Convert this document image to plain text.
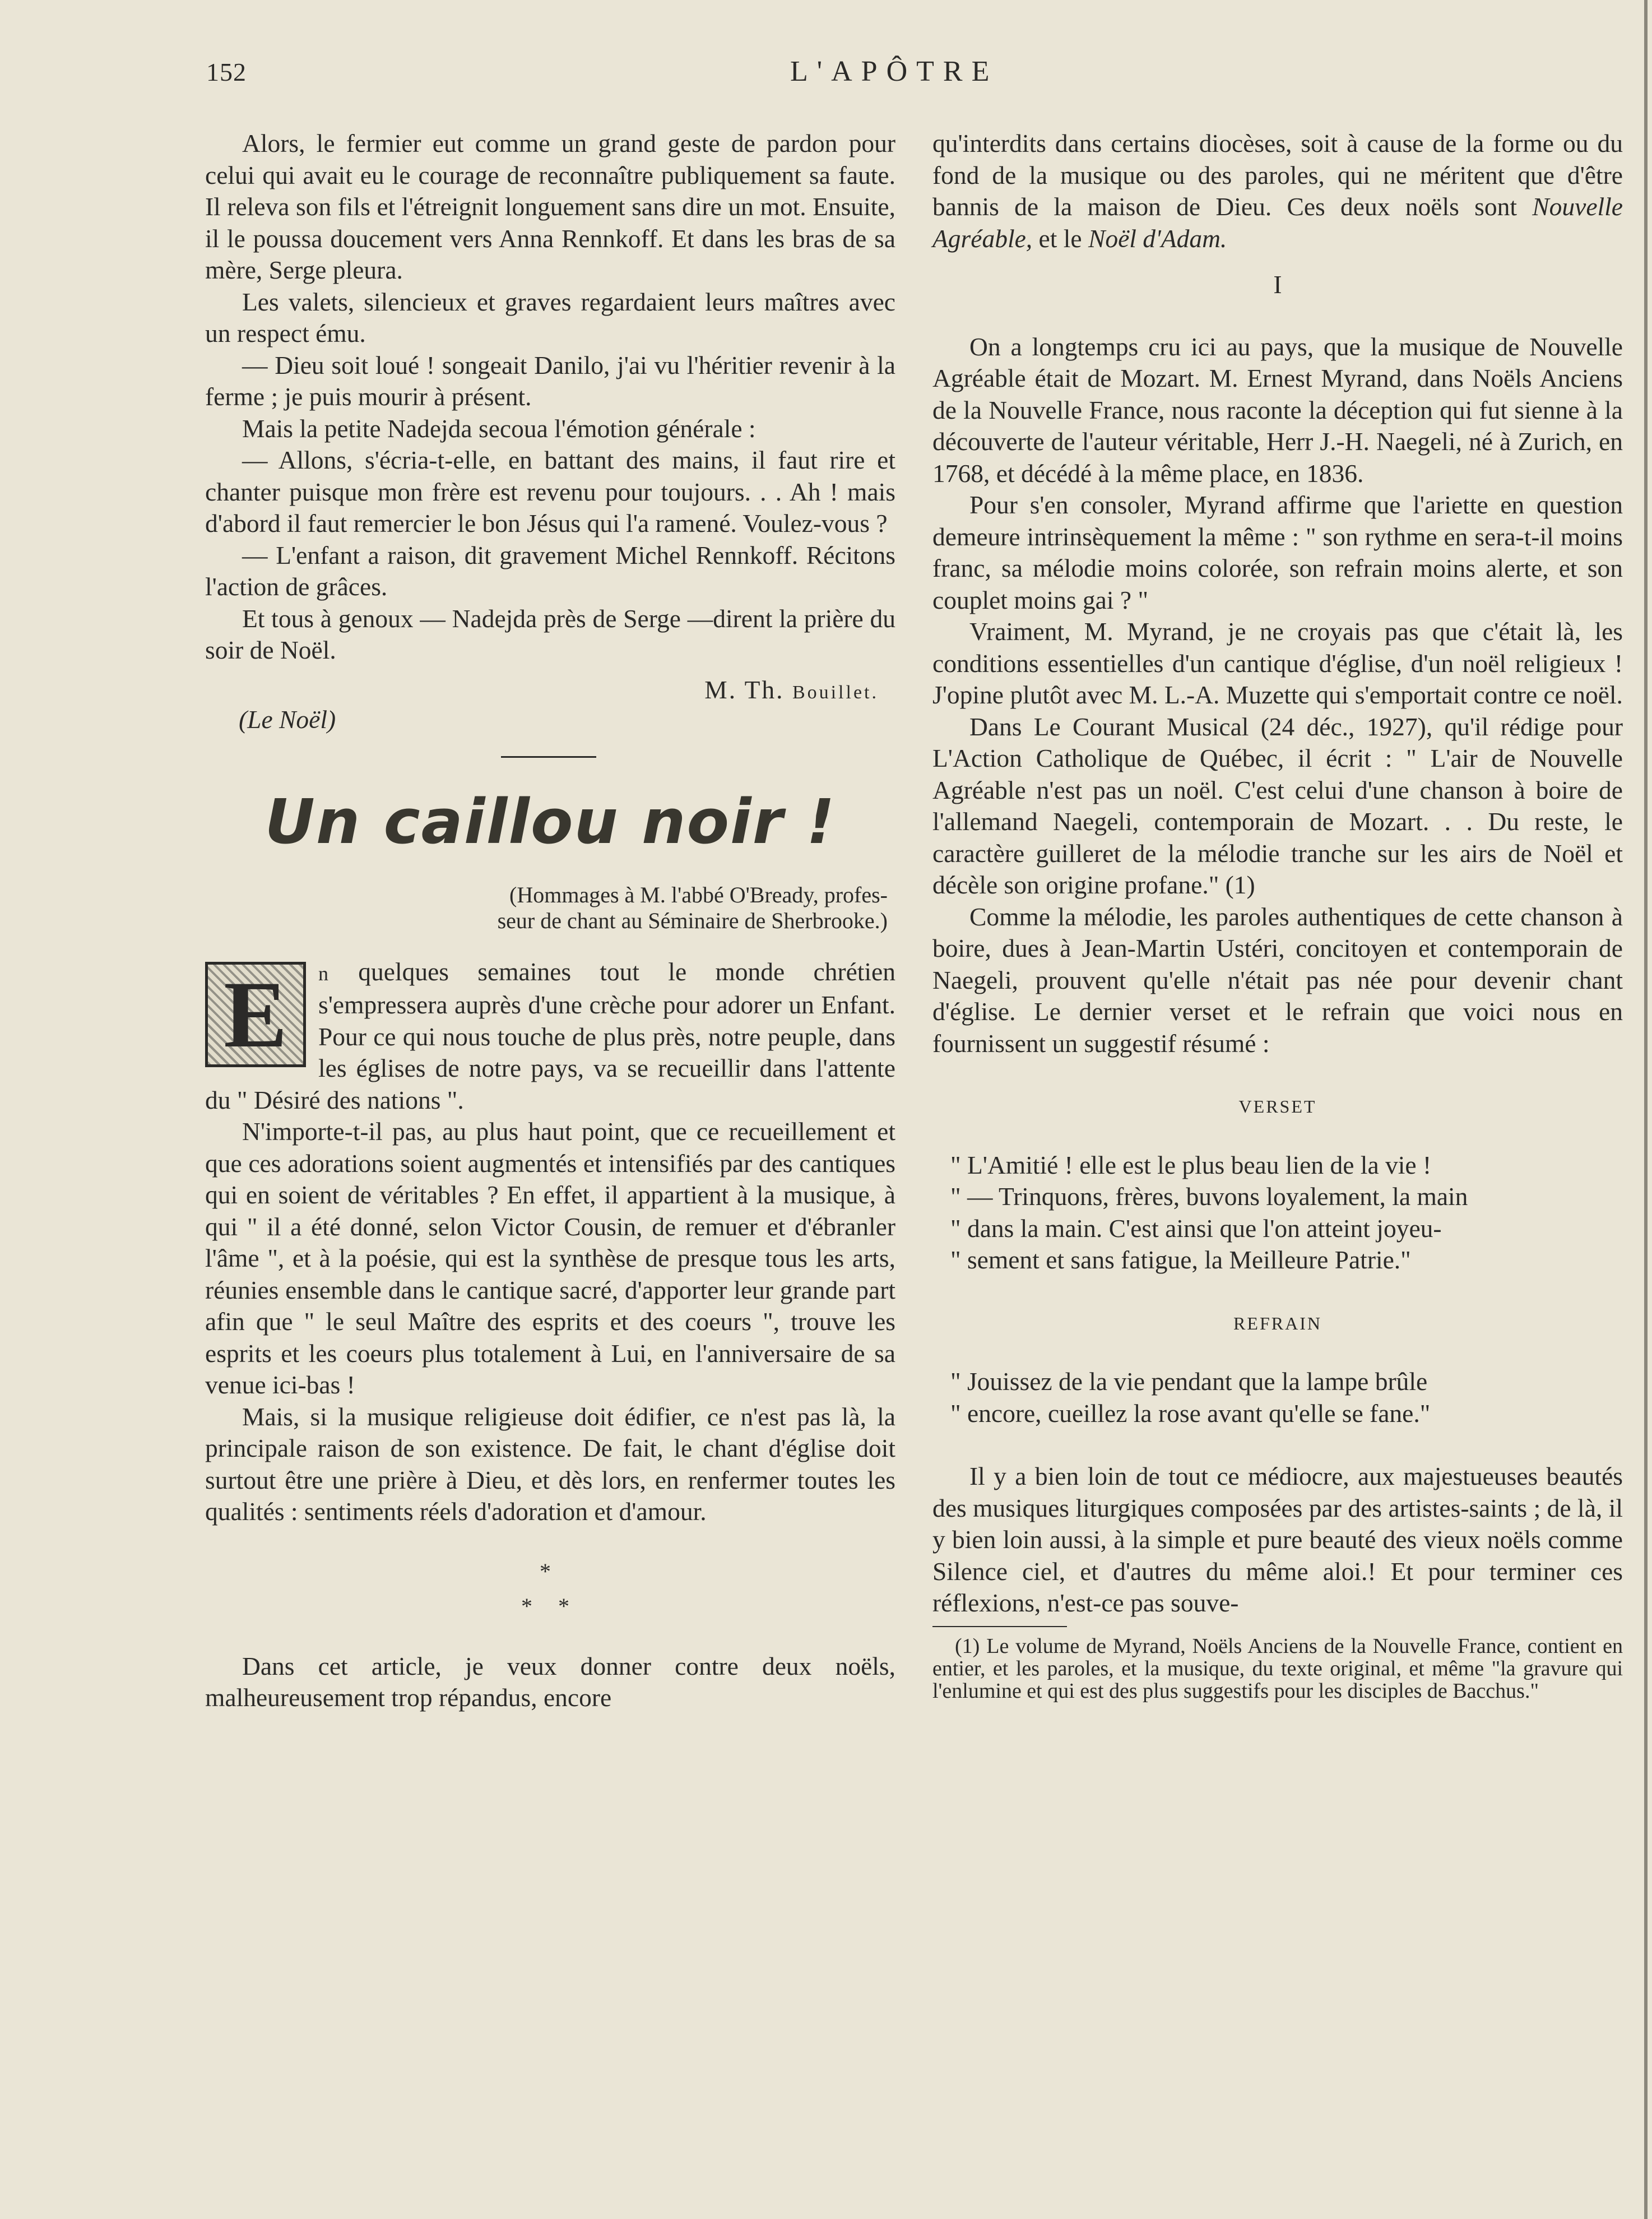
152	L'APÔTRE

Alors, le fermier eut comme un grand geste de pardon pour celui qui avait eu le courage de reconnaître publiquement sa faute. Il releva son fils et l'étreignit longuement sans dire un mot. Ensuite, il le poussa doucement vers Anna Rennkoff. Et dans les bras de sa mère, Serge pleura.

Les valets, silencieux et graves regardaient leurs maîtres avec un respect ému.

— Dieu soit loué ! songeait Danilo, j'ai vu l'héritier revenir à la ferme ; je puis mourir à présent.

Mais la petite Nadejda secoua l'émotion générale :

— Allons, s'écria-t-elle, en battant des mains, il faut rire et chanter puisque mon frère est revenu pour toujours. . . Ah ! mais d'abord il faut remercier le bon Jésus qui l'a ramené. Voulez-vous ?

— L'enfant a raison, dit gravement Michel Rennkoff. Récitons l'action de grâces.

Et tous à genoux — Nadejda près de Serge —dirent la prière du soir de Noël.

M. Th. Bouillet.
(Le Noël)
Un caillou noir !
(Hommages à M. l'abbé O'Bready, profes-
seur de chant au Séminaire de Sherbrooke.)
E	n quelques semaines tout le monde chrétien s'empressera auprès d'une crèche pour adorer un Enfant. Pour ce qui nous touche de plus près, notre peuple, dans les églises de notre pays, va se recueillir dans l'attente du " Désiré des nations ".

N'importe-t-il pas, au plus haut point, que ce recueillement et que ces adorations soient augmentés et intensifiés par des cantiques qui en soient de véritables ? En effet, il appartient à la musique, à qui " il a été donné, selon Victor Cousin, de remuer et d'ébranler l'âme ", et à la poésie, qui est la synthèse de presque tous les arts, réunies ensemble dans le cantique sacré, d'apporter leur grande part afin que " le seul Maître des esprits et des coeurs ", trouve les esprits et les coeurs plus totalement à Lui, en l'anniversaire de sa venue ici-bas !

Mais, si la musique religieuse doit édifier, ce n'est pas là, la principale raison de son existence. De fait, le chant d'église doit surtout être une prière à Dieu, et dès lors, en renfermer toutes les qualités : sentiments réels d'adoration et d'amour.

*
* *

Dans cet article, je veux donner contre deux noëls, malheureusement trop répandus, encore

qu'interdits dans certains diocèses, soit à cause de la forme ou du fond de la musique ou des paroles, qui ne méritent que d'être bannis de la maison de Dieu. Ces deux noëls sont Nouvelle Agréable, et le Noël d'Adam.

I

On a longtemps cru ici au pays, que la musique de Nouvelle Agréable était de Mozart. M. Ernest Myrand, dans Noëls Anciens de la Nouvelle France, nous raconte la déception qui fut sienne à la découverte de l'auteur véritable, Herr J.-H. Naegeli, né à Zurich, en 1768, et décédé à la même place, en 1836.

Pour s'en consoler, Myrand affirme que l'ariette en question demeure intrinsèquement la même : " son rythme en sera-t-il moins franc, sa mélodie moins colorée, son refrain moins alerte, et son couplet moins gai ? "

Vraiment, M. Myrand, je ne croyais pas que c'était là, les conditions essentielles d'un cantique d'église, d'un noël religieux ! J'opine plutôt avec M. L.-A. Muzette qui s'emportait contre ce noël.

Dans Le Courant Musical (24 déc., 1927), qu'il rédige pour L'Action Catholique de Québec, il écrit : " L'air de Nouvelle Agréable n'est pas un noël. C'est celui d'une chanson à boire de l'allemand Naegeli, contemporain de Mozart. . . Du reste, le caractère guilleret de la mélodie tranche sur les airs de Noël et décèle son origine profane." (1)

Comme la mélodie, les paroles authentiques de cette chanson à boire, dues à Jean-Martin Ustéri, concitoyen et contemporain de Naegeli, prouvent qu'elle n'était pas née pour devenir chant d'église. Le dernier verset et le refrain que voici nous en fournissent un suggestif résumé :

VERSET

" L'Amitié ! elle est le plus beau lien de la vie !

" — Trinquons, frères, buvons loyalement, la main

" dans la main. C'est ainsi que l'on atteint joyeu-

" sement et sans fatigue, la Meilleure Patrie."

REFRAIN

" Jouissez de la vie pendant que la lampe brûle

" encore, cueillez la rose avant qu'elle se fane."

Il y a bien loin de tout ce médiocre, aux majestueuses beautés des musiques liturgiques composées par des artistes-saints ; de là, il y bien loin aussi, à la simple et pure beauté des vieux noëls comme Silence ciel, et d'autres du même aloi.! Et pour terminer ces réflexions, n'est-ce pas souve-

(1) Le volume de Myrand, Noëls Anciens de la Nouvelle France, contient en entier, et les paroles, et la musique, du texte original, et même "la gravure qui l'enlumine et qui est des plus suggestifs pour les disciples de Bacchus."
